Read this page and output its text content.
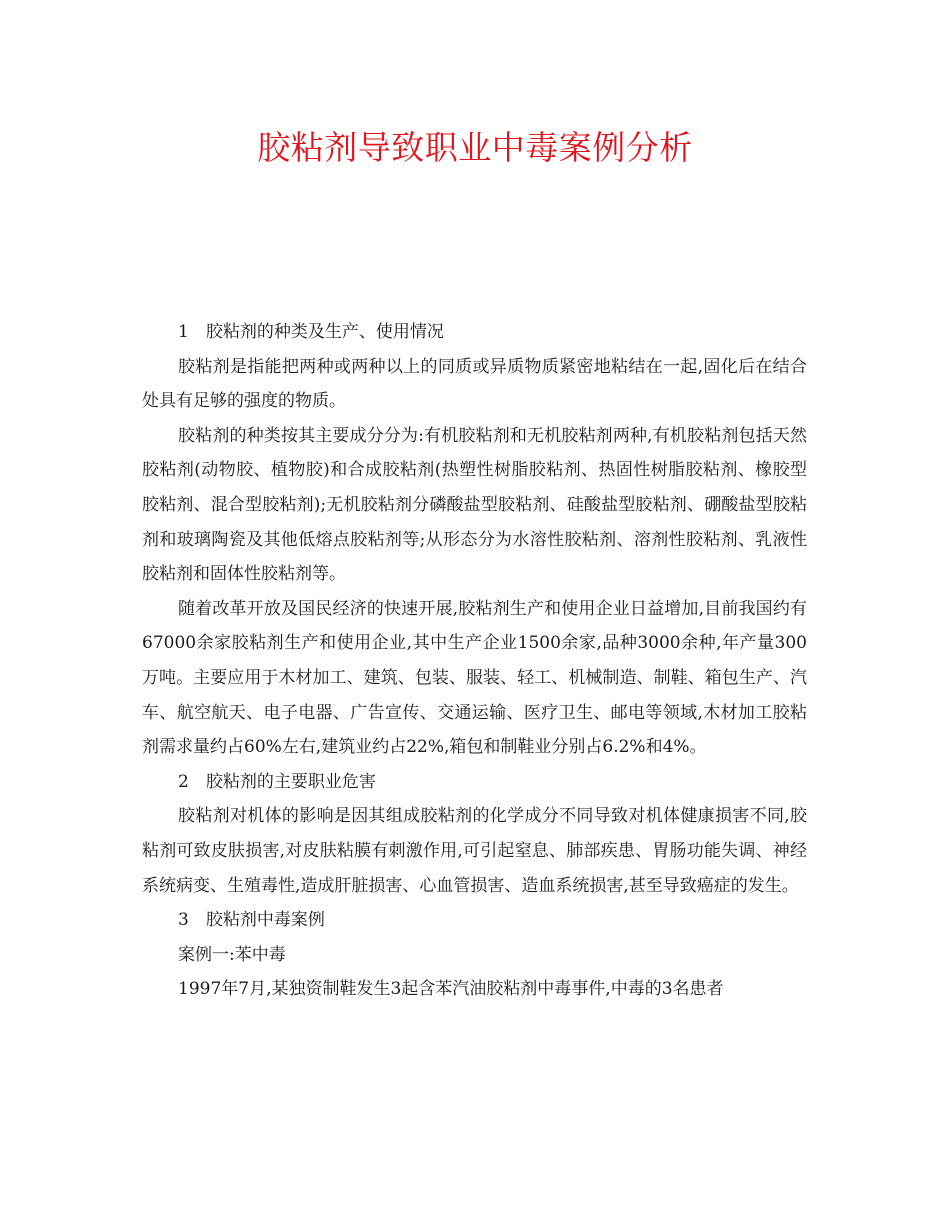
胶粘剂导致职业中毒案例分析

1　胶粘剂的种类及生产、使用情况

胶粘剂是指能把两种或两种以上的同质或异质物质紧密地粘结在一起,固化后在结合处具有足够的强度的物质。

胶粘剂的种类按其主要成分分为:有机胶粘剂和无机胶粘剂两种,有机胶粘剂包括天然胶粘剂(动物胶、植物胶)和合成胶粘剂(热塑性树脂胶粘剂、热固性树脂胶粘剂、橡胶型胶粘剂、混合型胶粘剂);无机胶粘剂分磷酸盐型胶粘剂、硅酸盐型胶粘剂、硼酸盐型胶粘剂和玻璃陶瓷及其他低熔点胶粘剂等;从形态分为水溶性胶粘剂、溶剂性胶粘剂、乳液性胶粘剂和固体性胶粘剂等。

随着改革开放及国民经济的快速开展,胶粘剂生产和使用企业日益增加,目前我国约有67000余家胶粘剂生产和使用企业,其中生产企业1500余家,品种3000余种,年产量300万吨。主要应用于木材加工、建筑、包装、服装、轻工、机械制造、制鞋、箱包生产、汽车、航空航天、电子电器、广告宣传、交通运输、医疗卫生、邮电等领域,木材加工胶粘剂需求量约占60%左右,建筑业约占22%,箱包和制鞋业分别占6.2%和4%。

2　胶粘剂的主要职业危害

胶粘剂对机体的影响是因其组成胶粘剂的化学成分不同导致对机体健康损害不同,胶粘剂可致皮肤损害,对皮肤粘膜有刺激作用,可引起窒息、肺部疾患、胃肠功能失调、神经系统病变、生殖毒性,造成肝脏损害、心血管损害、造血系统损害,甚至导致癌症的发生。

3　胶粘剂中毒案例

案例一:苯中毒

1997年7月,某独资制鞋发生3起含苯汽油胶粘剂中毒事件,中毒的3名患者
